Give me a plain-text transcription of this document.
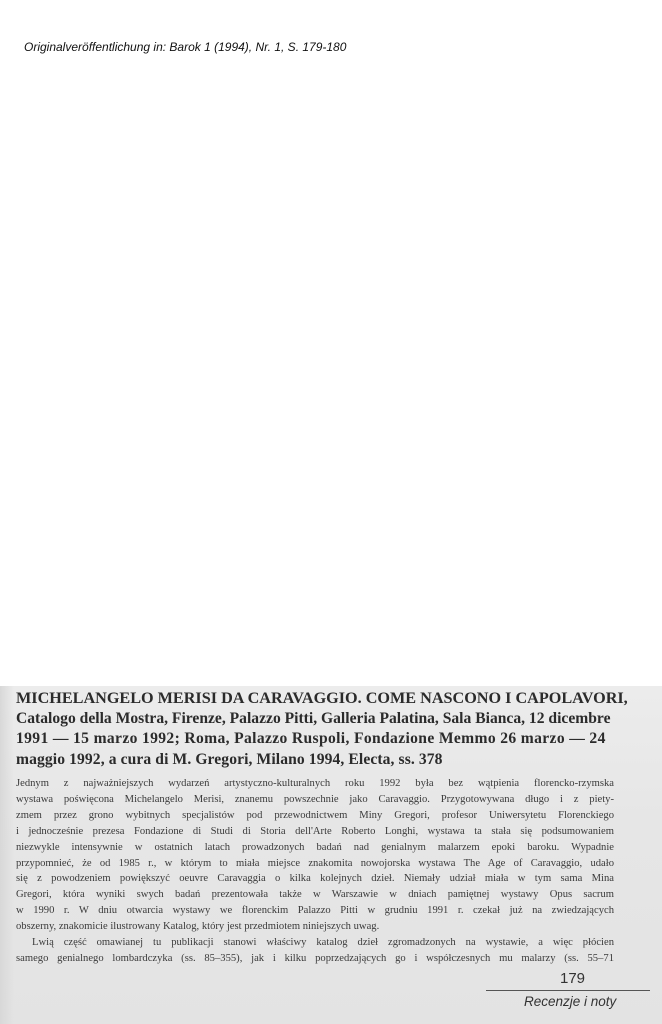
Originalveröffentlichung in: Barok 1 (1994), Nr. 1, S. 179-180
MICHELANGELO MERISI DA CARAVAGGIO. COME NASCONO I CAPOLAVORI,
Catalogo della Mostra, Firenze, Palazzo Pitti, Galleria Palatina, Sala Bianca, 12 dicembre
1991 — 15 marzo 1992; Roma, Palazzo Ruspoli, Fondazione Memmo 26 marzo — 24
maggio 1992, a cura di M. Gregori, Milano 1994, Electa, ss. 378
Jednym z najważniejszych wydarzeń artystyczno-kulturalnych roku 1992 była bez wątpienia florencko-rzymska
wystawa poświęcona Michelangelo Merisi, znanemu powszechnie jako Caravaggio. Przygotowywana długo i z piety-
zmem przez grono wybitnych specjalistów pod przewodnictwem Miny Gregori, profesor Uniwersytetu Florenckiego
i jednocześnie prezesa Fondazione di Studi di Storia dell'Arte Roberto Longhi, wystawa ta stała się podsumowaniem
niezwykle intensywnie w ostatnich latach prowadzonych badań nad genialnym malarzem epoki baroku. Wypadnie
przypomnieć, że od 1985 r., w którym to miała miejsce znakomita nowojorska wystawa The Age of Caravaggio, udało
się z powodzeniem powiększyć oeuvre Caravaggia o kilka kolejnych dzieł. Niemały udział miała w tym sama Mina
Gregori, która wyniki swych badań prezentowała także w Warszawie w dniach pamiętnej wystawy Opus sacrum
w 1990 r. W dniu otwarcia wystawy we florenckim Palazzo Pitti w grudniu 1991 r. czekał już na zwiedzających
obszerny, znakomicie ilustrowany Katalog, który jest przedmiotem niniejszych uwag.
Lwią część omawianej tu publikacji stanowi właściwy katalog dzieł zgromadzonych na wystawie, a więc płócien
samego genialnego lombardczyka (ss. 85–355), jak i kilku poprzedzających go i współczesnych mu malarzy (ss. 55–71
179
Recenzje i noty
